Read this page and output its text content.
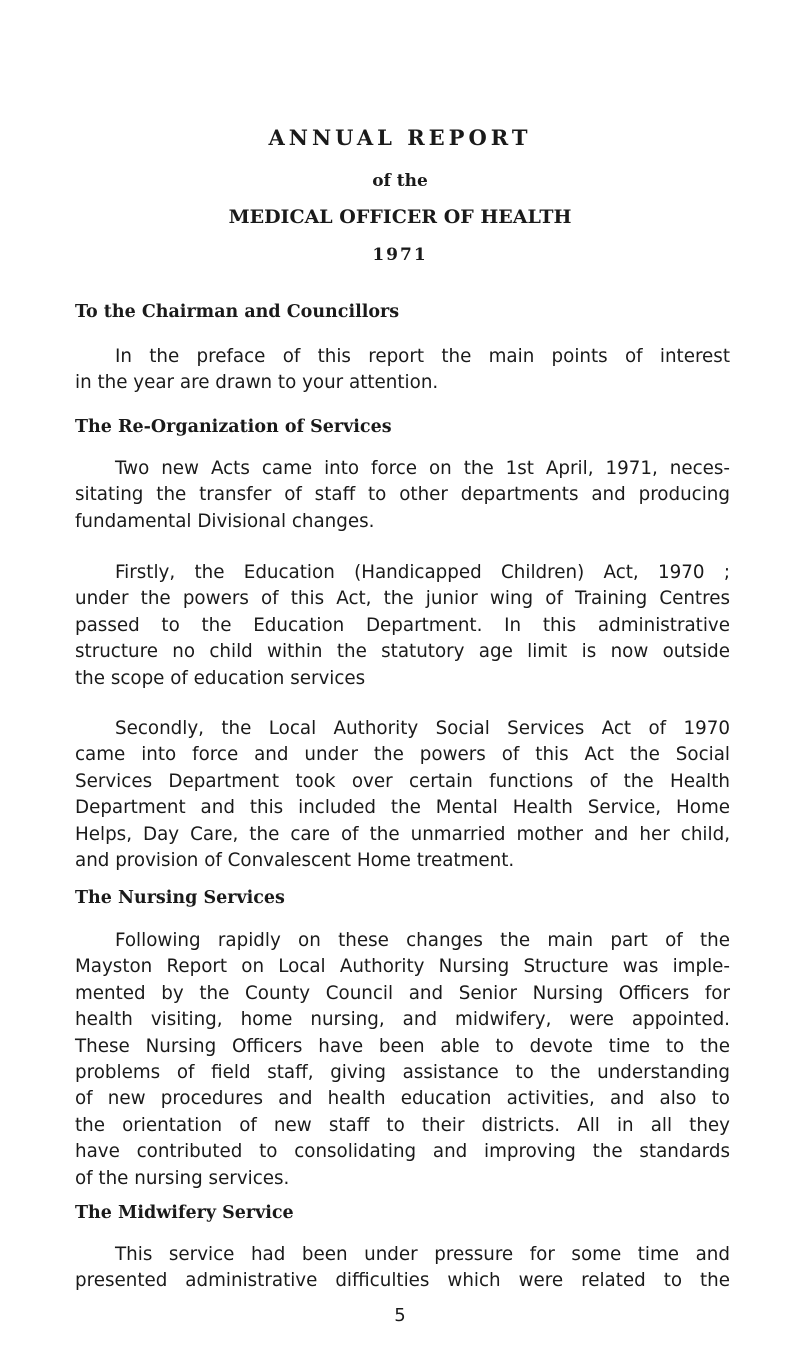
ANNUAL REPORT
of the
MEDICAL OFFICER OF HEALTH
1971
To the Chairman and Councillors
In the preface of this report the main points of interest
in the year are drawn to your attention.
The Re-Organization of Services
Two new Acts came into force on the 1st April, 1971, neces-
sitating the transfer of staff to other departments and producing
fundamental Divisional changes.
Firstly, the Education (Handicapped Children) Act, 1970 ;
under the powers of this Act, the junior wing of Training Centres
passed to the Education Department. In this administrative
structure no child within the statutory age limit is now outside
the scope of education services
Secondly, the Local Authority Social Services Act of 1970
came into force and under the powers of this Act the Social
Services Department took over certain functions of the Health
Department and this included the Mental Health Service, Home
Helps, Day Care, the care of the unmarried mother and her child,
and provision of Convalescent Home treatment.
The Nursing Services
Following rapidly on these changes the main part of the
Mayston Report on Local Authority Nursing Structure was imple-
mented by the County Council and Senior Nursing Officers for
health visiting, home nursing, and midwifery, were appointed.
These Nursing Officers have been able to devote time to the
problems of field staff, giving assistance to the understanding
of new procedures and health education activities, and also to
the orientation of new staff to their districts. All in all they
have contributed to consolidating and improving the standards
of the nursing services.
The Midwifery Service
This service had been under pressure for some time and
presented administrative difficulties which were related to the
5
